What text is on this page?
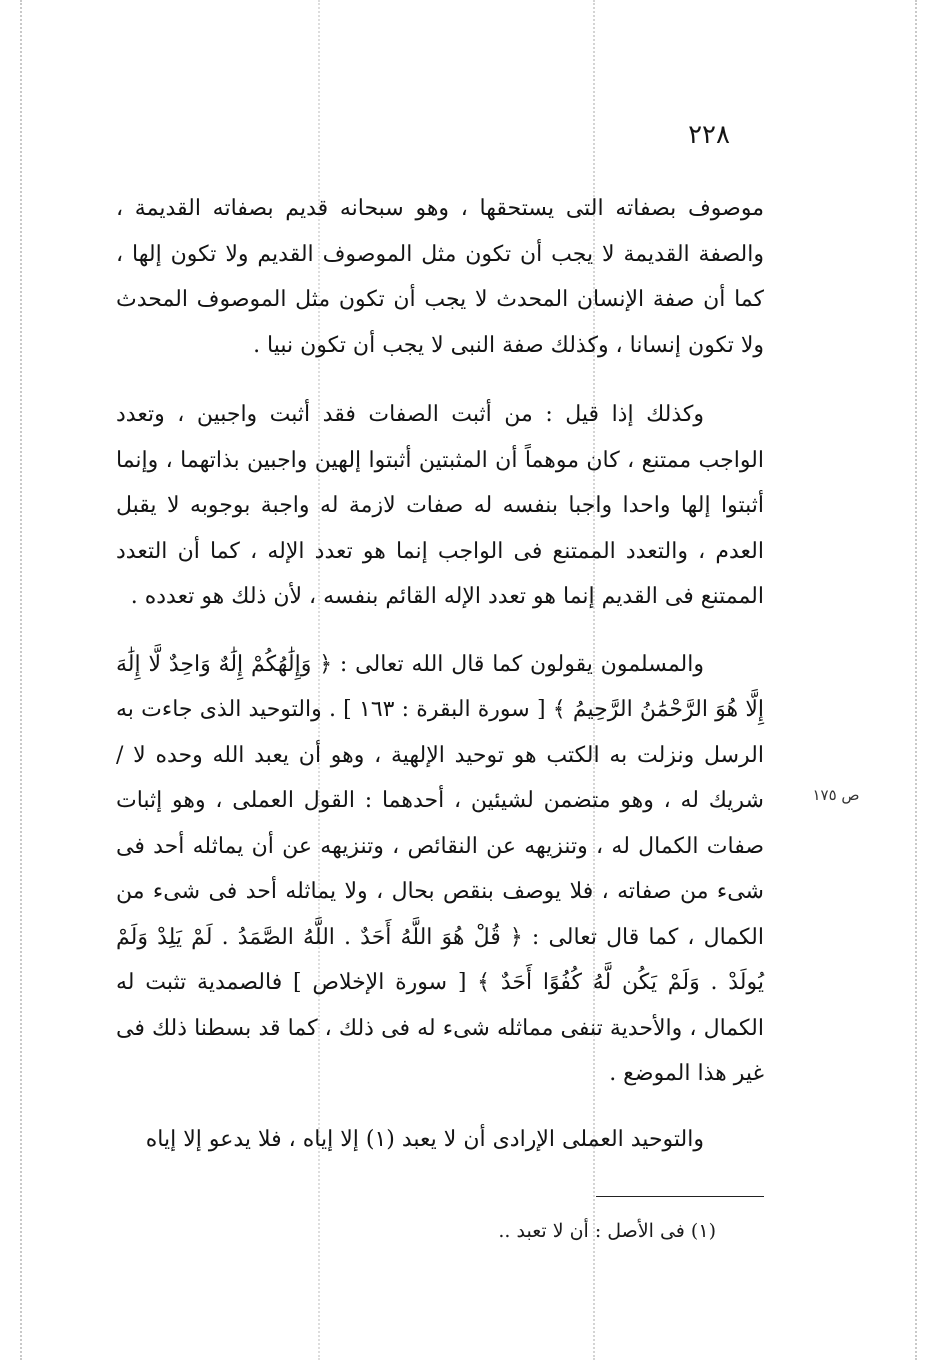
٢٢٨
ص ١٧٥

موصوف بصفاته التى يستحقها ، وهو سبحانه قديم بصفاته القديمة ، والصفة القديمة لا يجب أن تكون مثل الموصوف القديم ولا تكون إلها ، كما أن صفة الإنسان المحدث لا يجب أن تكون مثل الموصوف المحدث ولا تكون إنسانا ، وكذلك صفة النبى لا يجب أن تكون نبيا .

وكذلك إذا قيل : من أثبت الصفات فقد أثبت واجبين ، وتعدد الواجب ممتنع ، كان موهماً أن المثبتين أثبتوا إلهين واجبين بذاتهما ، وإنما أثبتوا إلها واحدا واجبا بنفسه له صفات لازمة له واجبة بوجوبه لا يقبل العدم ، والتعدد الممتنع فى الواجب إنما هو تعدد الإله ، كما أن التعدد الممتنع فى القديم إنما هو تعدد الإله القائم بنفسه ، لأن ذلك هو تعدده .

والمسلمون يقولون كما قال الله تعالى : ﴿ وَإِلَٰهُكُمْ إِلَٰهٌ وَاحِدٌ لَّا إِلَٰهَ إِلَّا هُوَ الرَّحْمَٰنُ الرَّحِيمُ ﴾ [ سورة البقرة : ١٦٣ ] . والتوحيد الذى جاءت به الرسل ونزلت به الكتب هو توحيد الإلهية ، وهو أن يعبد الله وحده لا / شريك له ، وهو متضمن لشيئين ، أحدهما : القول العملى ، وهو إثبات صفات الكمال له ، وتنزيهه عن النقائص ، وتنزيهه عن أن يماثله أحد فى شىء من صفاته ، فلا يوصف بنقص بحال ، ولا يماثله أحد فى شىء من الكمال ، كما قال تعالى : ﴿ قُلْ هُوَ اللَّهُ أَحَدٌ . اللَّهُ الصَّمَدُ . لَمْ يَلِدْ وَلَمْ يُولَدْ . وَلَمْ يَكُن لَّهُ كُفُوًا أَحَدٌ ﴾ [ سورة الإخلاص ] فالصمدية تثبت له الكمال ، والأحدية تنفى مماثله شىء له فى ذلك ، كما قد بسطنا ذلك فى غير هذا الموضع .

والتوحيد العملى الإرادى أن لا يعبد (١) إلا إياه ، فلا يدعو إلا إياه

(١) فى الأصل : أن لا تعبد ..
